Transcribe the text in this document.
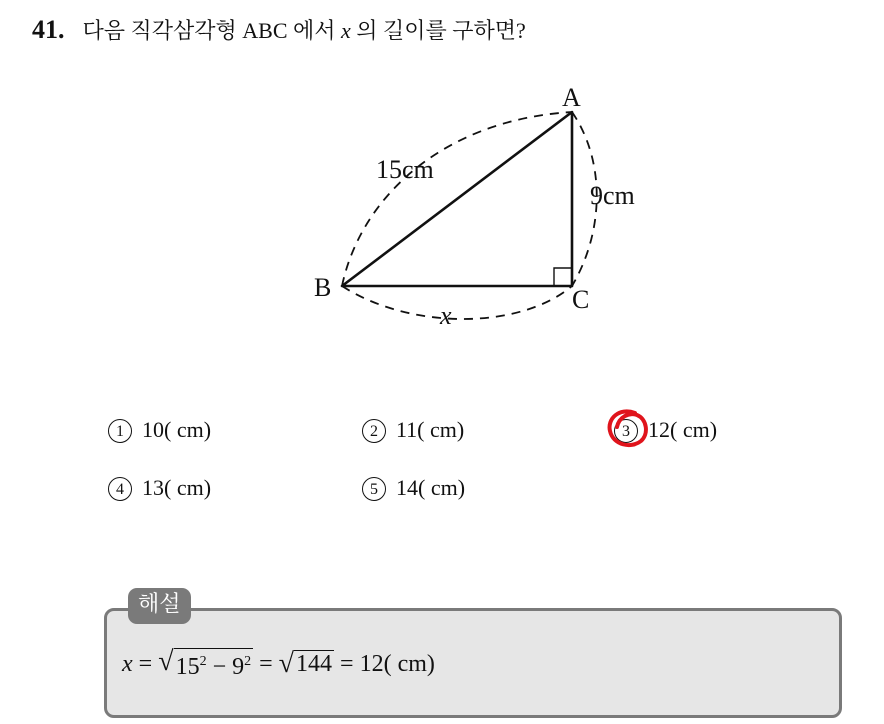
41. 다음 직각삼각형 ABC 에서 x 의 길이를 구하면?
A
B	C
15cm
9cm
x
1 10( cm)	2 11( cm)	3 12( cm)
4 13( cm)	5 14( cm)
해설
x = √ $15^2 - 9^2$ = √ 144 = 12( cm)
